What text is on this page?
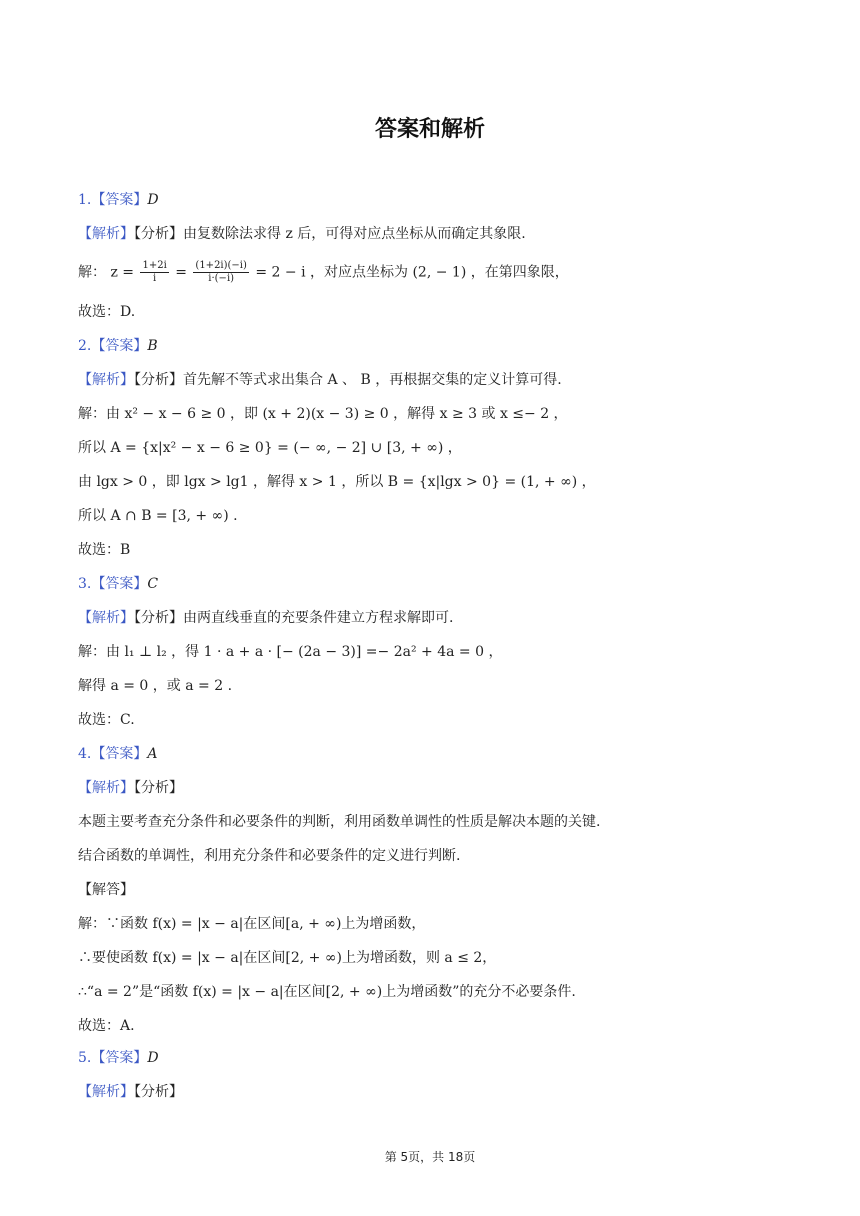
答案和解析
1.【答案】D
【解析】【分析】由复数除法求得 z 后，可得对应点坐标从而确定其象限.
解： $z = \frac{1+2i}{i} = \frac{(1+2i)(-i)}{i\cdot(-i)} = 2 - i$ ，对应点坐标为 (2, − 1) ，在第四象限，
故选：D.
2.【答案】B
【解析】【分析】首先解不等式求出集合 A 、 B ，再根据交集的定义计算可得.
解：由 x² − x − 6 ≥ 0 ，即 (x + 2)(x − 3) ≥ 0 ，解得 x ≥ 3 或 x ≤− 2 ，
所以 A = {x|x² − x − 6 ≥ 0} = (− ∞, − 2] ∪ [3, + ∞) ，
由 lgx > 0 ，即 lgx > lg1 ，解得 x > 1 ，所以 B = {x|lgx > 0} = (1, + ∞) ，
所以 A ∩ B = [3, + ∞) .
故选：B
3.【答案】C
【解析】【分析】由两直线垂直的充要条件建立方程求解即可.
解：由 l₁ ⊥ l₂ ，得 1 · a + a · [− (2a − 3)] =− 2a² + 4a = 0 ，
解得 a = 0 ，或 a = 2 .
故选：C.
4.【答案】A
【解析】【分析】
本题主要考查充分条件和必要条件的判断，利用函数单调性的性质是解决本题的关键.
结合函数的单调性，利用充分条件和必要条件的定义进行判断.
【解答】
解：∵函数 f(x) = |x − a|在区间[a, + ∞)上为增函数，
∴要使函数 f(x) = |x − a|在区间[2, + ∞)上为增函数，则 a ≤ 2，
∴“a = 2”是“函数 f(x) = |x − a|在区间[2, + ∞)上为增函数”的充分不必要条件.
故选：A.
5.【答案】D
【解析】【分析】
第 5页，共 18页
